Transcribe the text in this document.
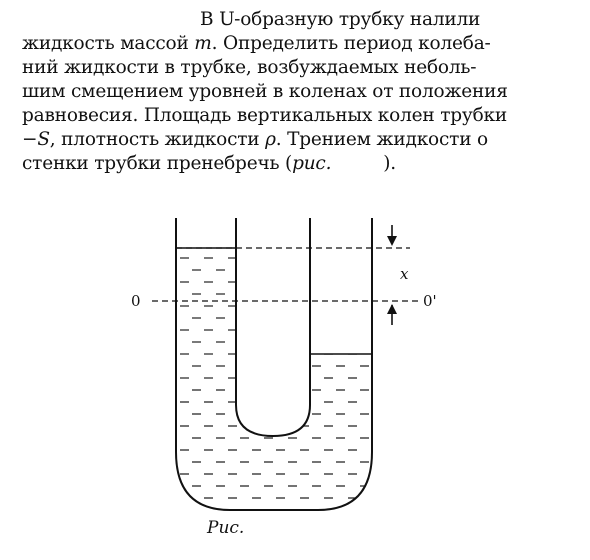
В U-образную трубку налили
жидкость массой m. Определить период колеба-
ний жидкости в трубке, возбуждаемых неболь-
шим смещением уровней в коленах от положения
равновесия. Площадь вертикальных колен трубки
−S, плотность жидкости ρ. Трением жидкости о
стенки трубки пренебречь (рис.	).
0	0'
x
Рис.
